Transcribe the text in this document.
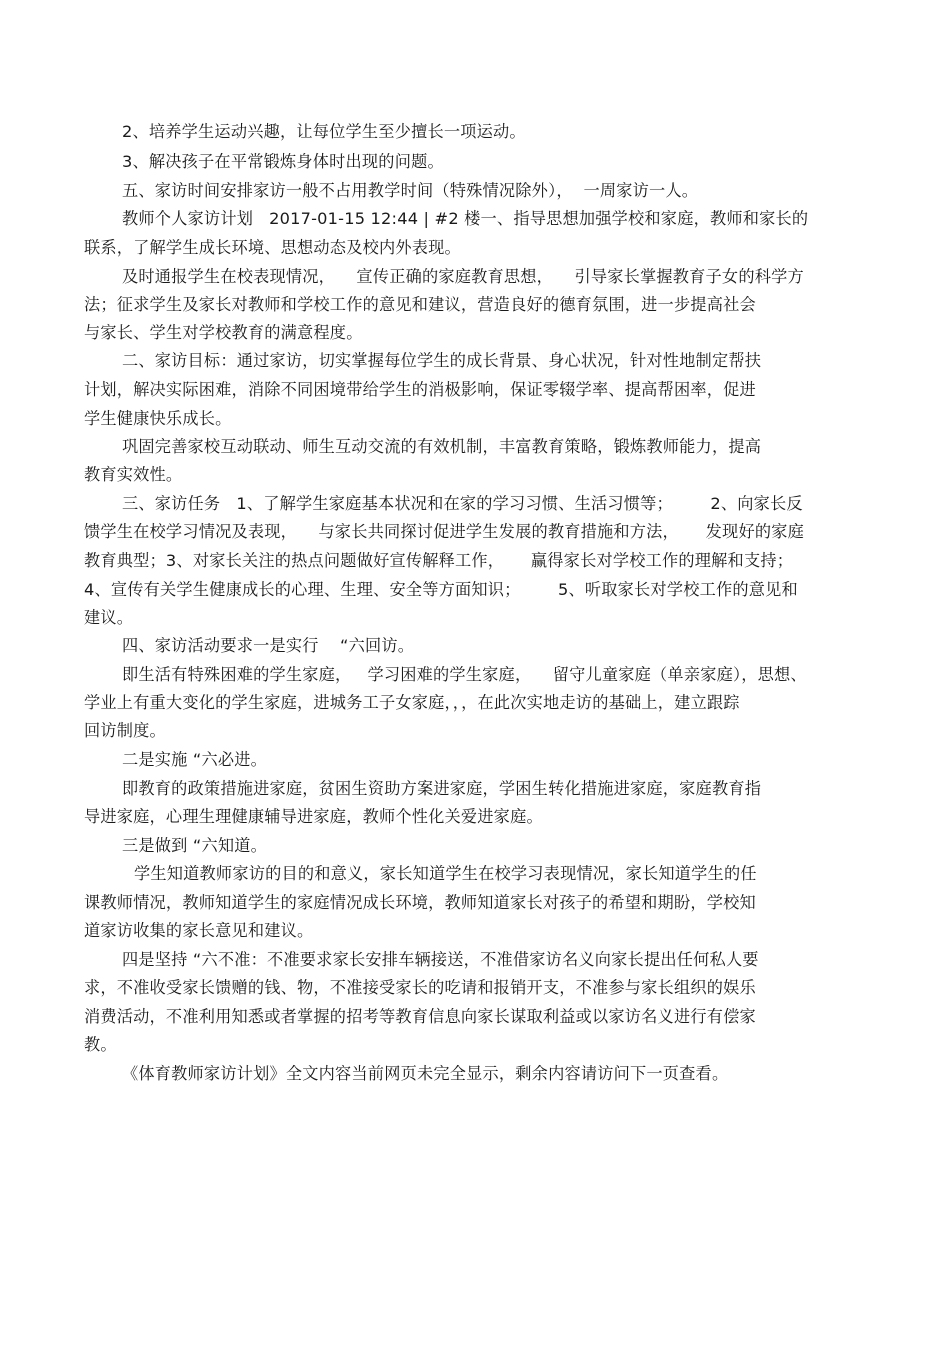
2、培养学生运动兴趣，让每位学生至少擅长一项运动。
3、解决孩子在平常锻炼身体时出现的问题。
五、家访时间安排家访一般不占用教学时间（特殊情况除外），  一周家访一人。
教师个人家访计划   2017-01-15 12:44 | #2 楼一、指导思想加强学校和家庭，教师和家长的
联系，了解学生成长环境、思想动态及校内外表现。
及时通报学生在校表现情况，    宣传正确的家庭教育思想，    引导家长掌握教育子女的科学方
法；征求学生及家长对教师和学校工作的意见和建议，营造良好的德育氛围，进一步提高社会
与家长、学生对学校教育的满意程度。
二、家访目标：通过家访，切实掌握每位学生的成长背景、身心状况，针对性地制定帮扶
计划，解决实际困难，消除不同困境带给学生的消极影响，保证零辍学率、提高帮困率，促进
学生健康快乐成长。
巩固完善家校互动联动、师生互动交流的有效机制，丰富教育策略，锻炼教师能力，提高
教育实效性。
三、家访任务   1、了解学生家庭基本状况和在家的学习习惯、生活习惯等；       2、向家长反
馈学生在校学习情况及表现，    与家长共同探讨促进学生发展的教育措施和方法，     发现好的家庭
教育典型；3、对家长关注的热点问题做好宣传解释工作，     赢得家长对学校工作的理解和支持；
4、宣传有关学生健康成长的心理、生理、安全等方面知识；       5、听取家长对学校工作的意见和
建议。
四、家访活动要求一是实行    “六回访。
即生活有特殊困难的学生家庭，   学习困难的学生家庭，    留守儿童家庭（单亲家庭），思想、
学业上有重大变化的学生家庭，进城务工子女家庭，，，在此次实地走访的基础上，建立跟踪
回访制度。
二是实施 “六必进。
即教育的政策措施进家庭，贫困生资助方案进家庭，学困生转化措施进家庭，家庭教育指
导进家庭，心理生理健康辅导进家庭，教师个性化关爱进家庭。
三是做到 “六知道。
学生知道教师家访的目的和意义，家长知道学生在校学习表现情况，家长知道学生的任
课教师情况，教师知道学生的家庭情况成长环境，教师知道家长对孩子的希望和期盼，学校知
道家访收集的家长意见和建议。
四是坚持 “六不准：不准要求家长安排车辆接送，不准借家访名义向家长提出任何私人要
求，不准收受家长馈赠的钱、物，不准接受家长的吃请和报销开支，不准参与家长组织的娱乐
消费活动，不准利用知悉或者掌握的招考等教育信息向家长谋取利益或以家访名义进行有偿家
教。
《体育教师家访计划》全文内容当前网页未完全显示，剩余内容请访问下一页查看。
